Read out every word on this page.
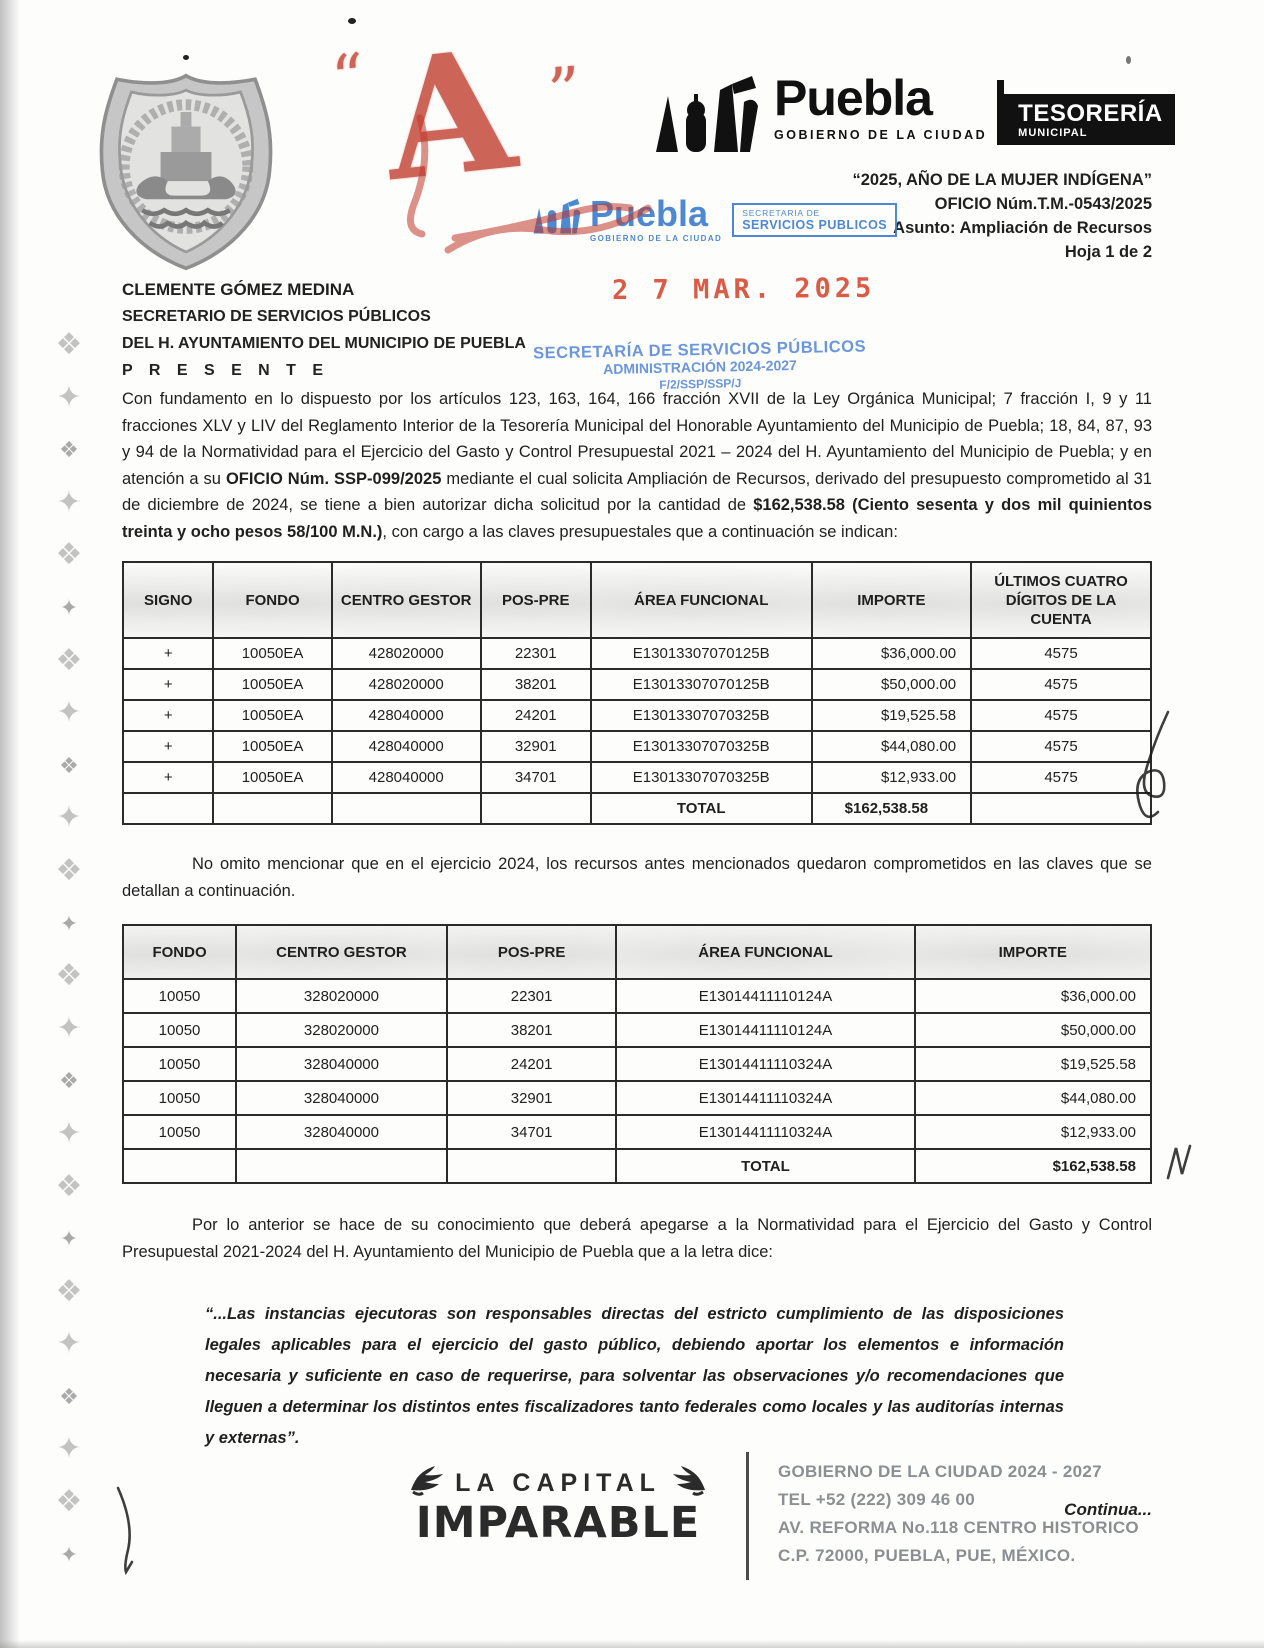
❖
✦
❖
✦
❖
✦
❖
✦
❖
✦
❖
✦
❖
✦
❖
✦
❖
✦
❖
✦
❖
✦
❖
✦
“ A ”	Puebla
GOBIERNO DE LA CIUDAD
TESORERÍA
MUNICIPAL
“2025, AÑO DE LA MUJER INDÍGENA”
OFICIO Núm.T.M.-0543/2025
Asunto: Ampliación de Recursos
Hoja 1 de 2
Puebla
GOBIERNO DE LA CIUDAD
SECRETARIA DE
SERVICIOS PUBLICOS
CLEMENTE GÓMEZ MEDINA
SECRETARIO DE SERVICIOS PÚBLICOS
DEL H. AYUNTAMIENTO DEL MUNICIPIO DE PUEBLA
P R E S E N T E
2 7 MAR. 2025
SECRETARÍA DE SERVICIOS PÚBLICOS
ADMINISTRACIÓN 2024-2027
F/2/SSP/SSP/J

Con fundamento en lo dispuesto por los artículos 123, 163, 164, 166 fracción XVII de la Ley Orgánica Municipal; 7 fracción I, 9 y 11 fracciones XLV y LIV del Reglamento Interior de la Tesorería Municipal del Honorable Ayuntamiento del Municipio de Puebla; 18, 84, 87, 93 y 94 de la Normatividad para el Ejercicio del Gasto y Control Presupuestal 2021 – 2024 del H. Ayuntamiento del Municipio de Puebla; y en atención a su OFICIO Núm. SSP-099/2025 mediante el cual solicita Ampliación de Recursos, derivado del presupuesto comprometido al 31 de diciembre de 2024, se tiene a bien autorizar dicha solicitud por la cantidad de $162,538.58 (Ciento sesenta y dos mil quinientos treinta y ocho pesos 58/100 M.N.), con cargo a las claves presupuestales que a continuación se indican:

SIGNO	FONDO	CENTRO GESTOR	POS-PRE	ÁREA FUNCIONAL	IMPORTE	ÚLTIMOS CUATRO DÍGITOS DE LA CUENTA
+	10050EA	428020000	22301	E13013307070125B	$36,000.00	4575
+	10050EA	428020000	38201	E13013307070125B	$50,000.00	4575
+	10050EA	428040000	24201	E13013307070325B	$19,525.58	4575
+	10050EA	428040000	32901	E13013307070325B	$44,080.00	4575
+	10050EA	428040000	34701	E13013307070325B	$12,933.00	4575
				TOTAL	$162,538.58	

No omito mencionar que en el ejercicio 2024, los recursos antes mencionados quedaron comprometidos en las claves que se detallan a continuación.

FONDO	CENTRO GESTOR	POS-PRE	ÁREA FUNCIONAL	IMPORTE
10050	328020000	22301	E13014411110124A	$36,000.00
10050	328020000	38201	E13014411110124A	$50,000.00
10050	328040000	24201	E13014411110324A	$19,525.58
10050	328040000	32901	E13014411110324A	$44,080.00
10050	328040000	34701	E13014411110324A	$12,933.00
			TOTAL	$162,538.58

Por lo anterior se hace de su conocimiento que deberá apegarse a la Normatividad para el Ejercicio del Gasto y Control Presupuestal 2021-2024 del H. Ayuntamiento del Municipio de Puebla que a la letra dice:

“...Las instancias ejecutoras son responsables directas del estricto cumplimiento de las disposiciones legales aplicables para el ejercicio del gasto público, debiendo aportar los elementos e información necesaria y suficiente en caso de requerirse, para solventar las observaciones y/o recomendaciones que lleguen a determinar los distintos entes fiscalizadores tanto federales como locales y las auditorías internas y externas”.

Continua...
LA CAPITAL
IMPARABLE
GOBIERNO DE LA CIUDAD 2024 - 2027
TEL +52 (222) 309 46 00
AV. REFORMA No.118 CENTRO HISTORICO
C.P. 72000, PUEBLA, PUE, MÉXICO.
